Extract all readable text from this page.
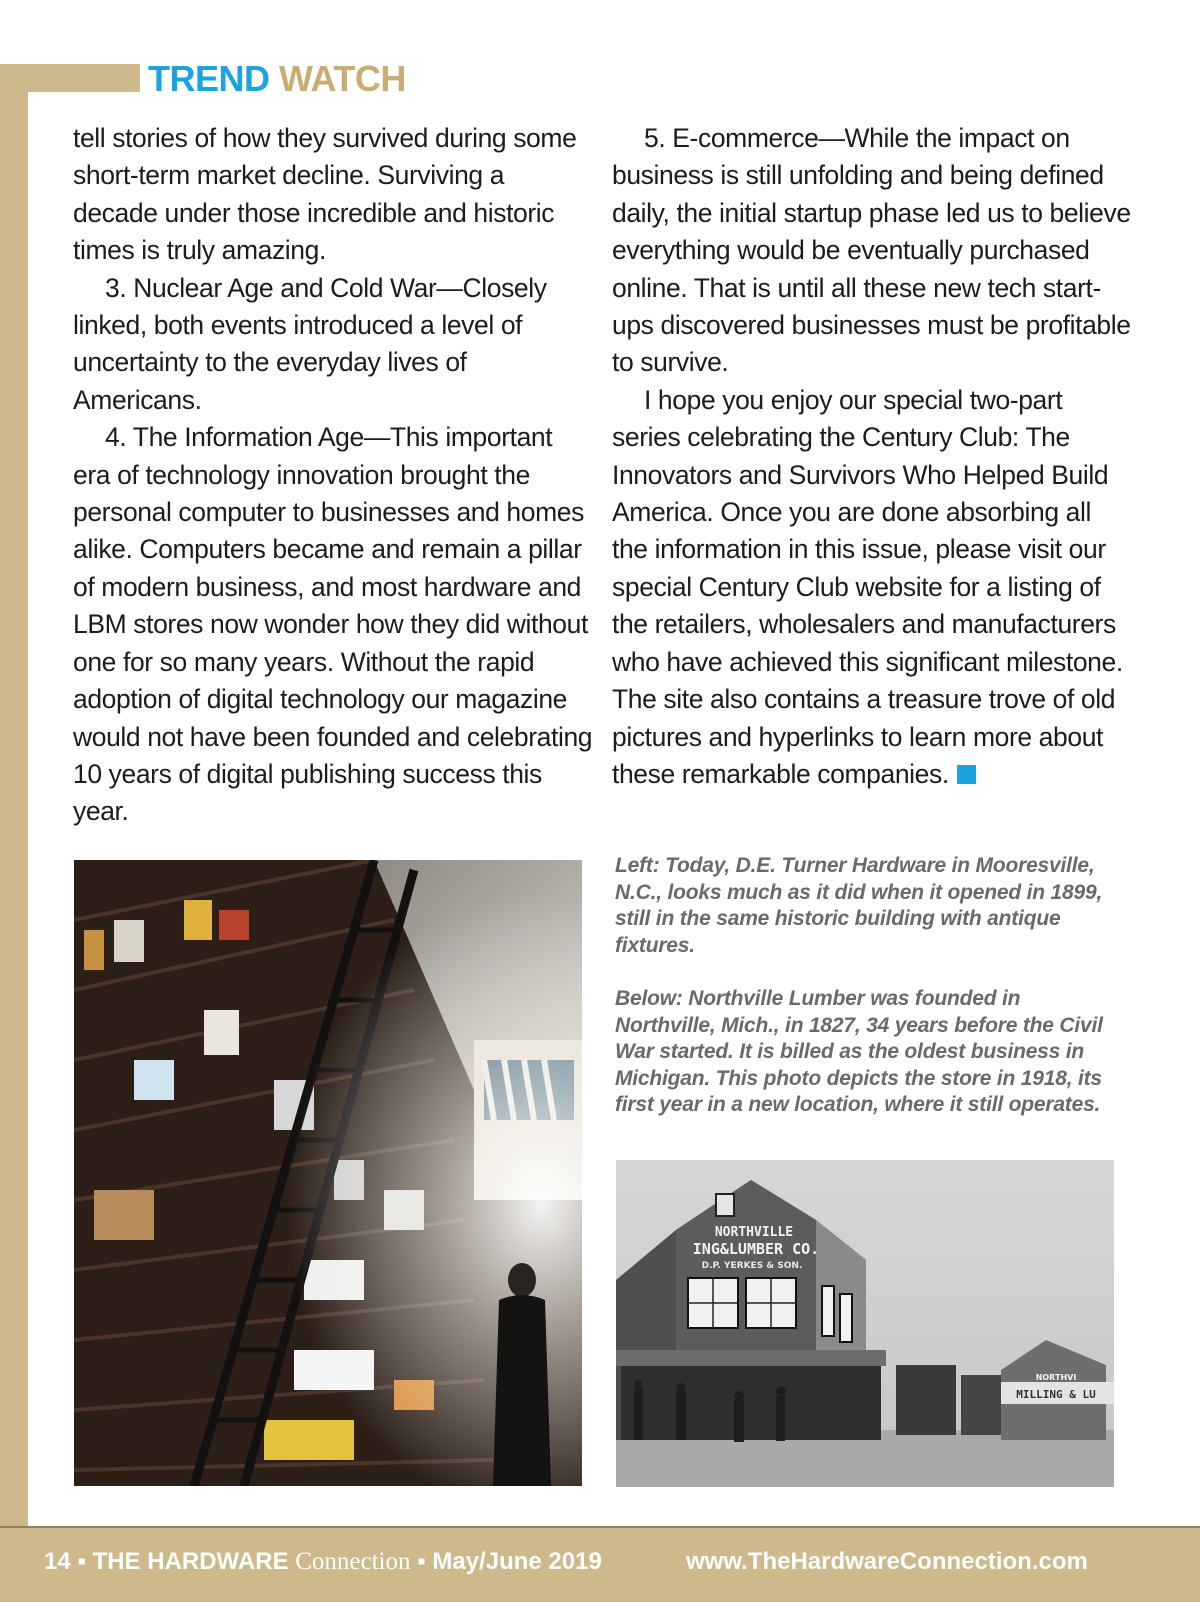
TREND WATCH

tell stories of how they survived during some short-term market decline. Surviving a decade under those incredible and historic times is truly amazing.

3. Nuclear Age and Cold War—Closely linked, both events introduced a level of uncertainty to the everyday lives of Americans.

4. The Information Age—This important era of technology innovation brought the personal computer to businesses and homes alike. Computers became and remain a pillar of modern business, and most hardware and LBM stores now wonder how they did without one for so many years. Without the rapid adoption of digital technology our magazine would not have been founded and celebrating 10 years of digital publishing success this year.

5. E-commerce—While the impact on business is still unfolding and being defined daily, the initial startup phase led us to believe everything would be eventually purchased online. That is until all these new tech start-ups discovered businesses must be profitable to survive.

I hope you enjoy our special two-part series celebrating the Century Club: The Innovators and Survivors Who Helped Build America. Once you are done absorbing all the information in this issue, please visit our special Century Club website for a listing of the retailers, wholesalers and manufacturers who have achieved this significant milestone. The site also contains a treasure trove of old pictures and hyperlinks to learn more about these remarkable companies.

Left: Today, D.E. Turner Hardware in Mooresville, N.C., looks much as it did when it opened in 1899, still in the same historic building with antique fixtures.
Below: Northville Lumber was founded in Northville, Mich., in 1827, 34 years before the Civil War started. It is billed as the oldest business in Michigan. This photo depicts the store in 1918, its first year in a new location, where it still operates.
NORTHVILLE
ING&LUMBER CO.
D.P. YERKES & SON.
NORTHVI
MILLING & LU
14 ▪ THE HARDWARE Connection ▪ May/June 2019	www.TheHardwareConnection.com
